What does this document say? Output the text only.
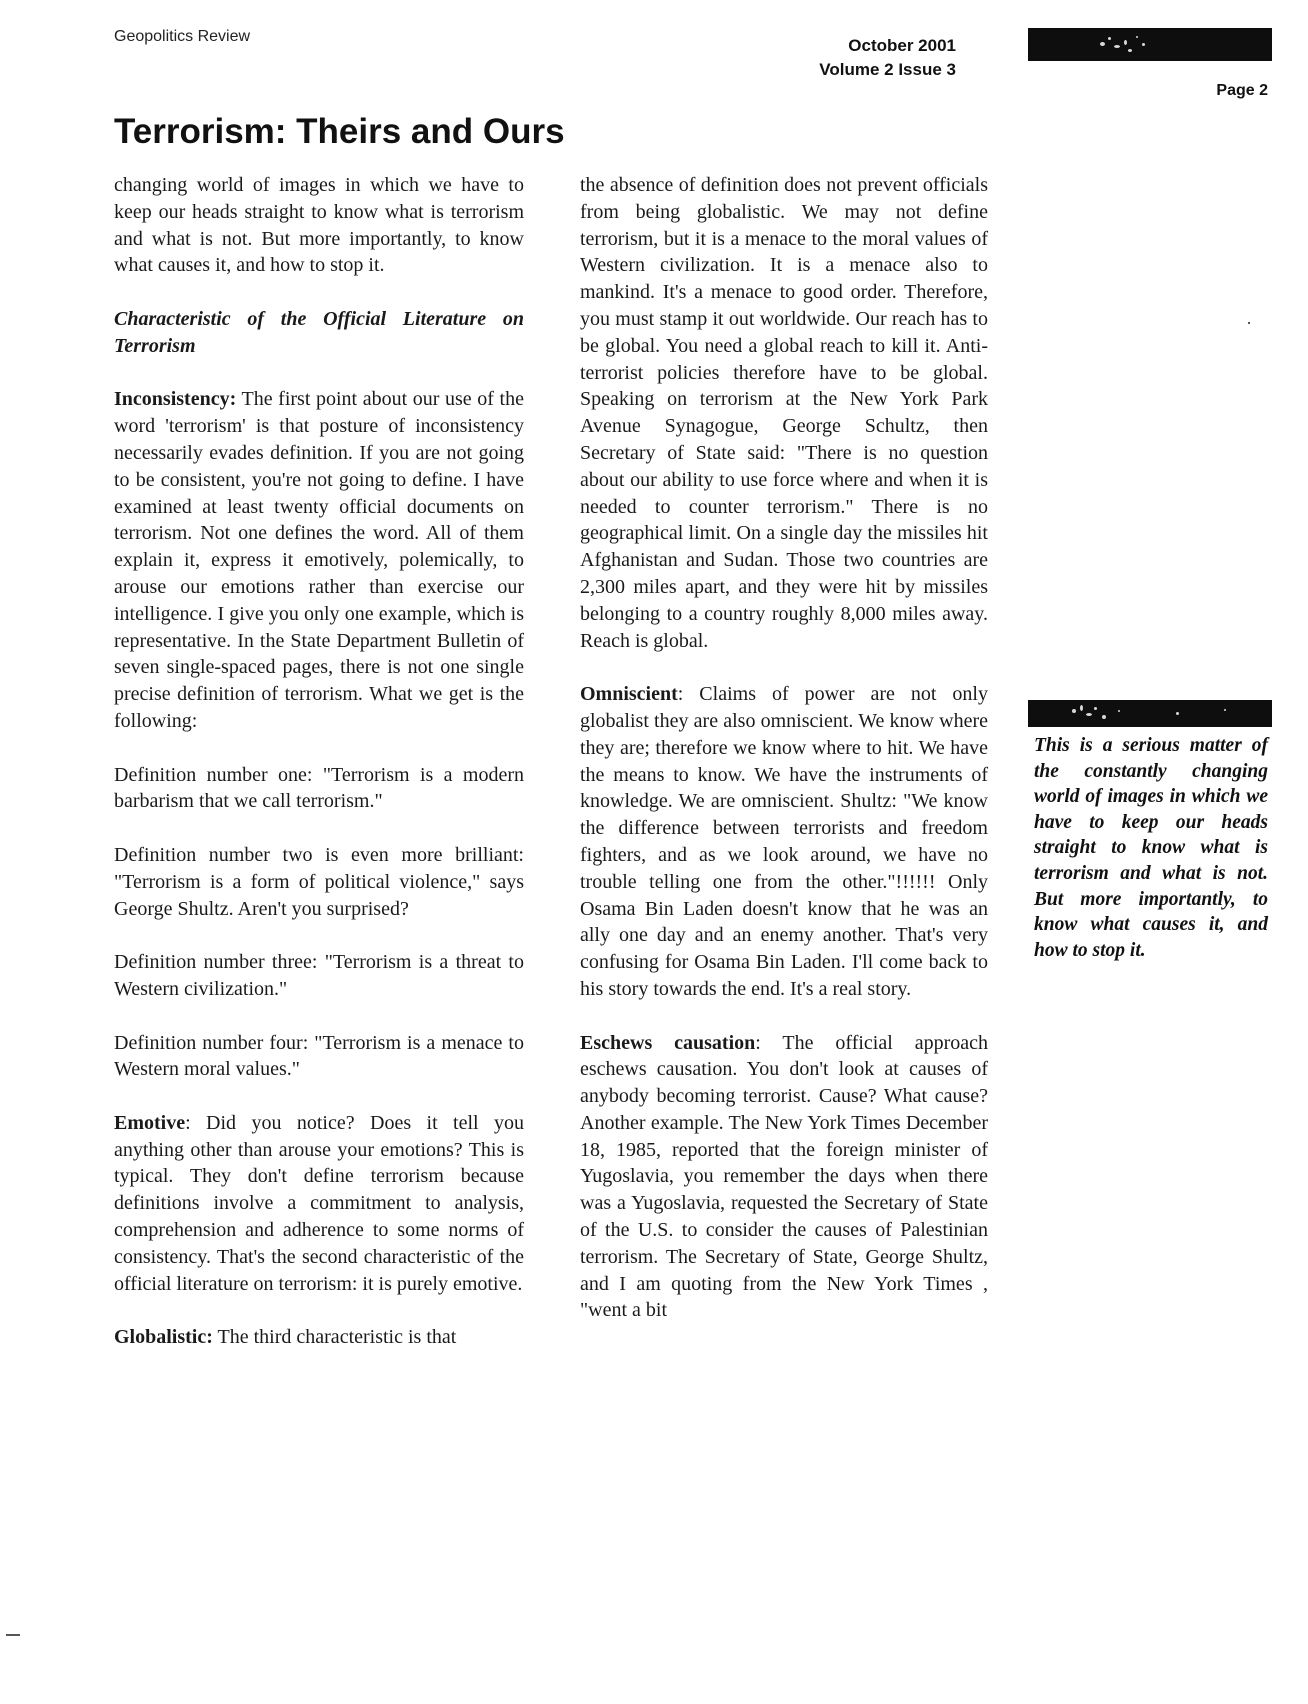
Geopolitics Review	October 2001
Volume 2 Issue 3
Page 2
Terrorism: Theirs and Ours

changing world of images in which we have to keep our heads straight to know what is terrorism and what is not. But more importantly, to know what causes it, and how to stop it.

Characteristic of the Official Literature on Terrorism

Inconsistency: The first point about our use of the word 'terrorism' is that posture of inconsistency necessarily evades definition. If you are not going to be consistent, you're not going to define. I have examined at least twenty official documents on terrorism. Not one defines the word. All of them explain it, express it emotively, polemically, to arouse our emotions rather than exercise our intelligence. I give you only one example, which is representative. In the State Department Bulletin of seven single-spaced pages, there is not one single precise definition of terrorism. What we get is the following:

Definition number one: "Terrorism is a modern barbarism that we call terrorism."

Definition number two is even more brilliant: "Terrorism is a form of political violence," says George Shultz. Aren't you surprised?

Definition number three: "Terrorism is a threat to Western civilization."

Definition number four: "Terrorism is a menace to Western moral values."

Emotive: Did you notice? Does it tell you anything other than arouse your emotions? This is typical. They don't define terrorism because definitions involve a commitment to analysis, comprehension and adherence to some norms of consistency. That's the second characteristic of the official literature on terrorism: it is purely emotive.

Globalistic: The third characteristic is that

the absence of definition does not prevent officials from being globalistic. We may not define terrorism, but it is a menace to the moral values of Western civilization. It is a menace also to mankind. It's a menace to good order. Therefore, you must stamp it out worldwide. Our reach has to be global. You need a global reach to kill it. Anti-terrorist policies therefore have to be global. Speaking on terrorism at the New York Park Avenue Synagogue, George Schultz, then Secretary of State said: "There is no question about our ability to use force where and when it is needed to counter terrorism." There is no geographical limit. On a single day the missiles hit Afghanistan and Sudan. Those two countries are 2,300 miles apart, and they were hit by missiles belonging to a country roughly 8,000 miles away. Reach is global.

Omniscient: Claims of power are not only globalist they are also omniscient. We know where they are; therefore we know where to hit. We have the means to know. We have the instruments of knowledge. We are omniscient. Shultz: "We know the difference between terrorists and freedom fighters, and as we look around, we have no trouble telling one from the other."!!!!!! Only Osama Bin Laden doesn't know that he was an ally one day and an enemy another. That's very confusing for Osama Bin Laden. I'll come back to his story towards the end. It's a real story.

Eschews causation: The official approach eschews causation. You don't look at causes of anybody becoming terrorist. Cause? What cause? Another example. The New York Times December 18, 1985, reported that the foreign minister of Yugoslavia, you remember the days when there was a Yugoslavia, requested the Secretary of State of the U.S. to consider the causes of Palestinian terrorism. The Secretary of State, George Shultz, and I am quoting from the New York Times , "went a bit

This is a serious matter of the constantly changing world of images in which we have to keep our heads straight to know what is terrorism and what is not. But more importantly, to know what causes it, and how to stop it.
